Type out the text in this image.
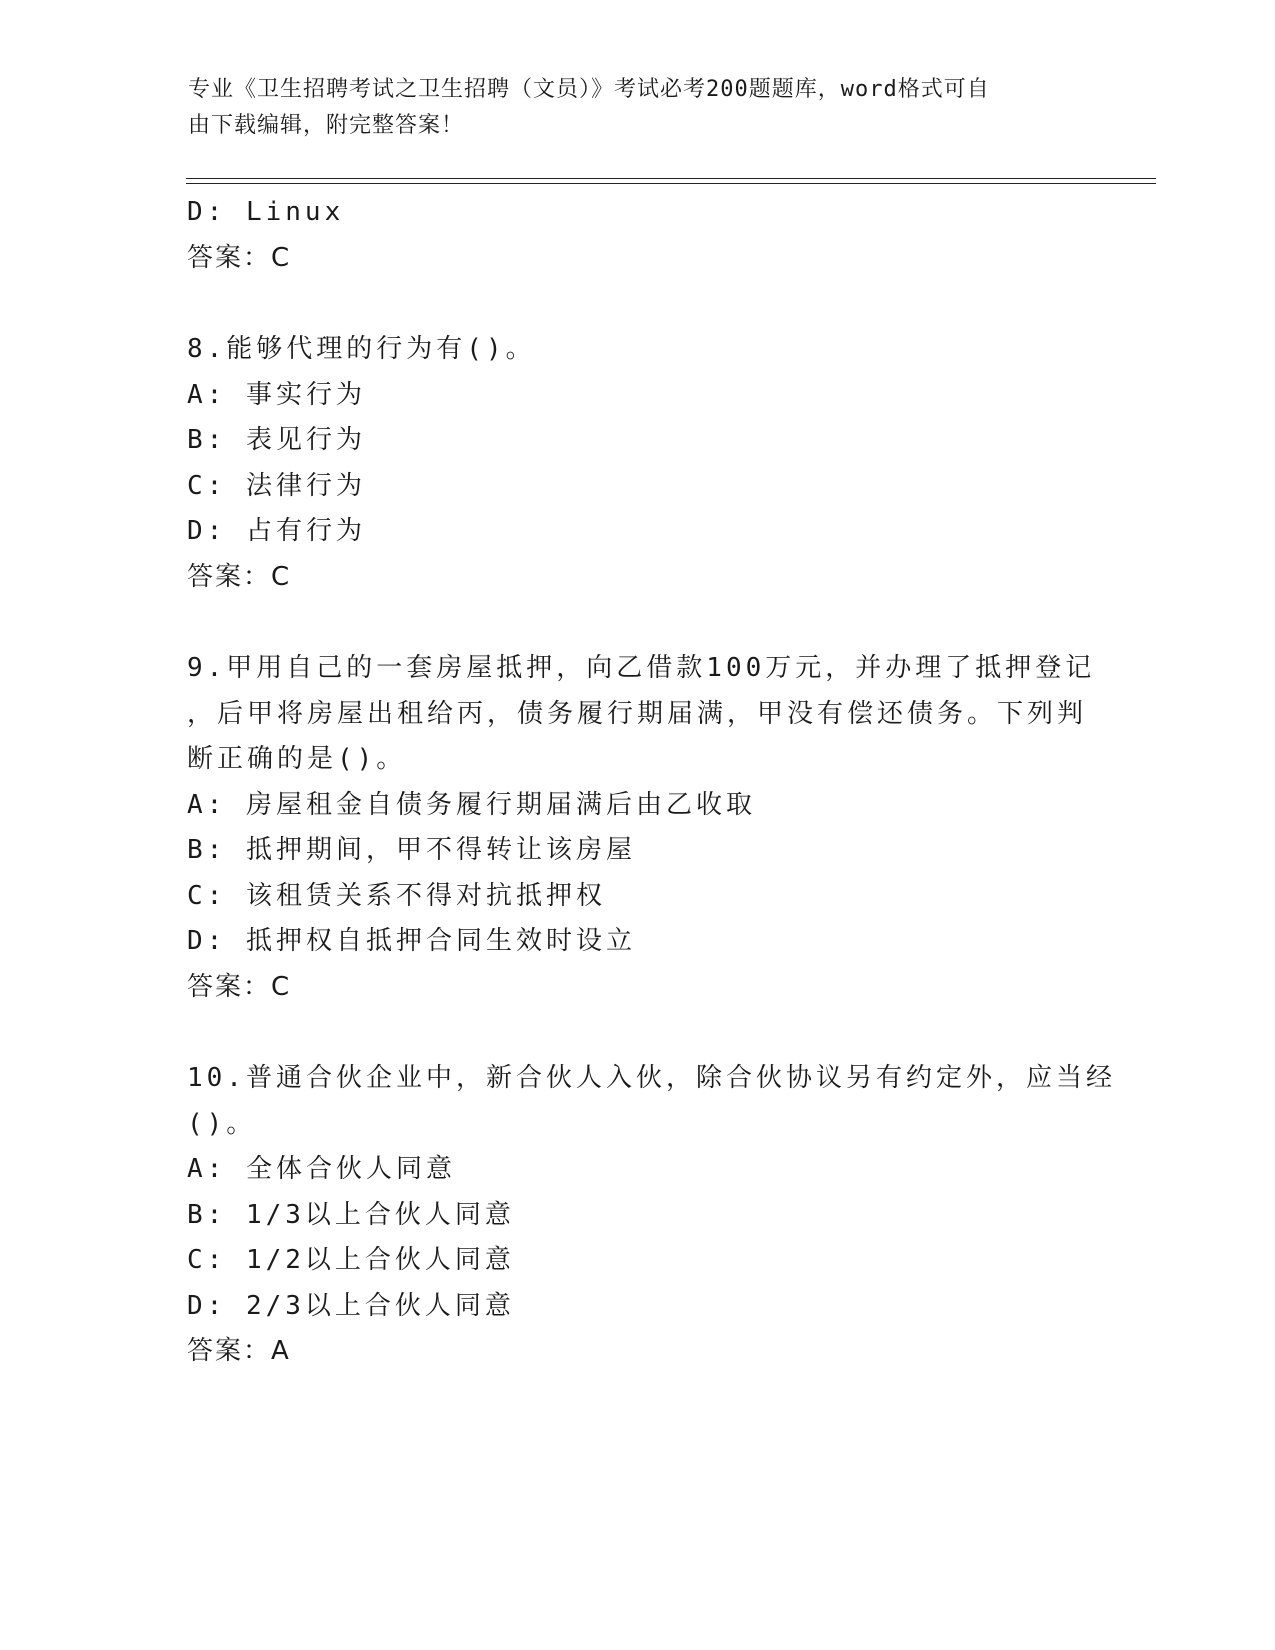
专业《卫生招聘考试之卫生招聘（文员）》考试必考200题题库，word格式可自
由下载编辑，附完整答案！
D: Linux
答案：C
8.能够代理的行为有()。
A: 事实行为
B: 表见行为
C: 法律行为
D: 占有行为
答案：C
9.甲用自己的一套房屋抵押，向乙借款100万元，并办理了抵押登记
，后甲将房屋出租给丙，债务履行期届满，甲没有偿还债务。下列判
断正确的是()。
A: 房屋租金自债务履行期届满后由乙收取
B: 抵押期间，甲不得转让该房屋
C: 该租赁关系不得对抗抵押权
D: 抵押权自抵押合同生效时设立
答案：C
10.普通合伙企业中，新合伙人入伙，除合伙协议另有约定外，应当经
()。
A: 全体合伙人同意
B: 1/3以上合伙人同意
C: 1/2以上合伙人同意
D: 2/3以上合伙人同意
答案：A
